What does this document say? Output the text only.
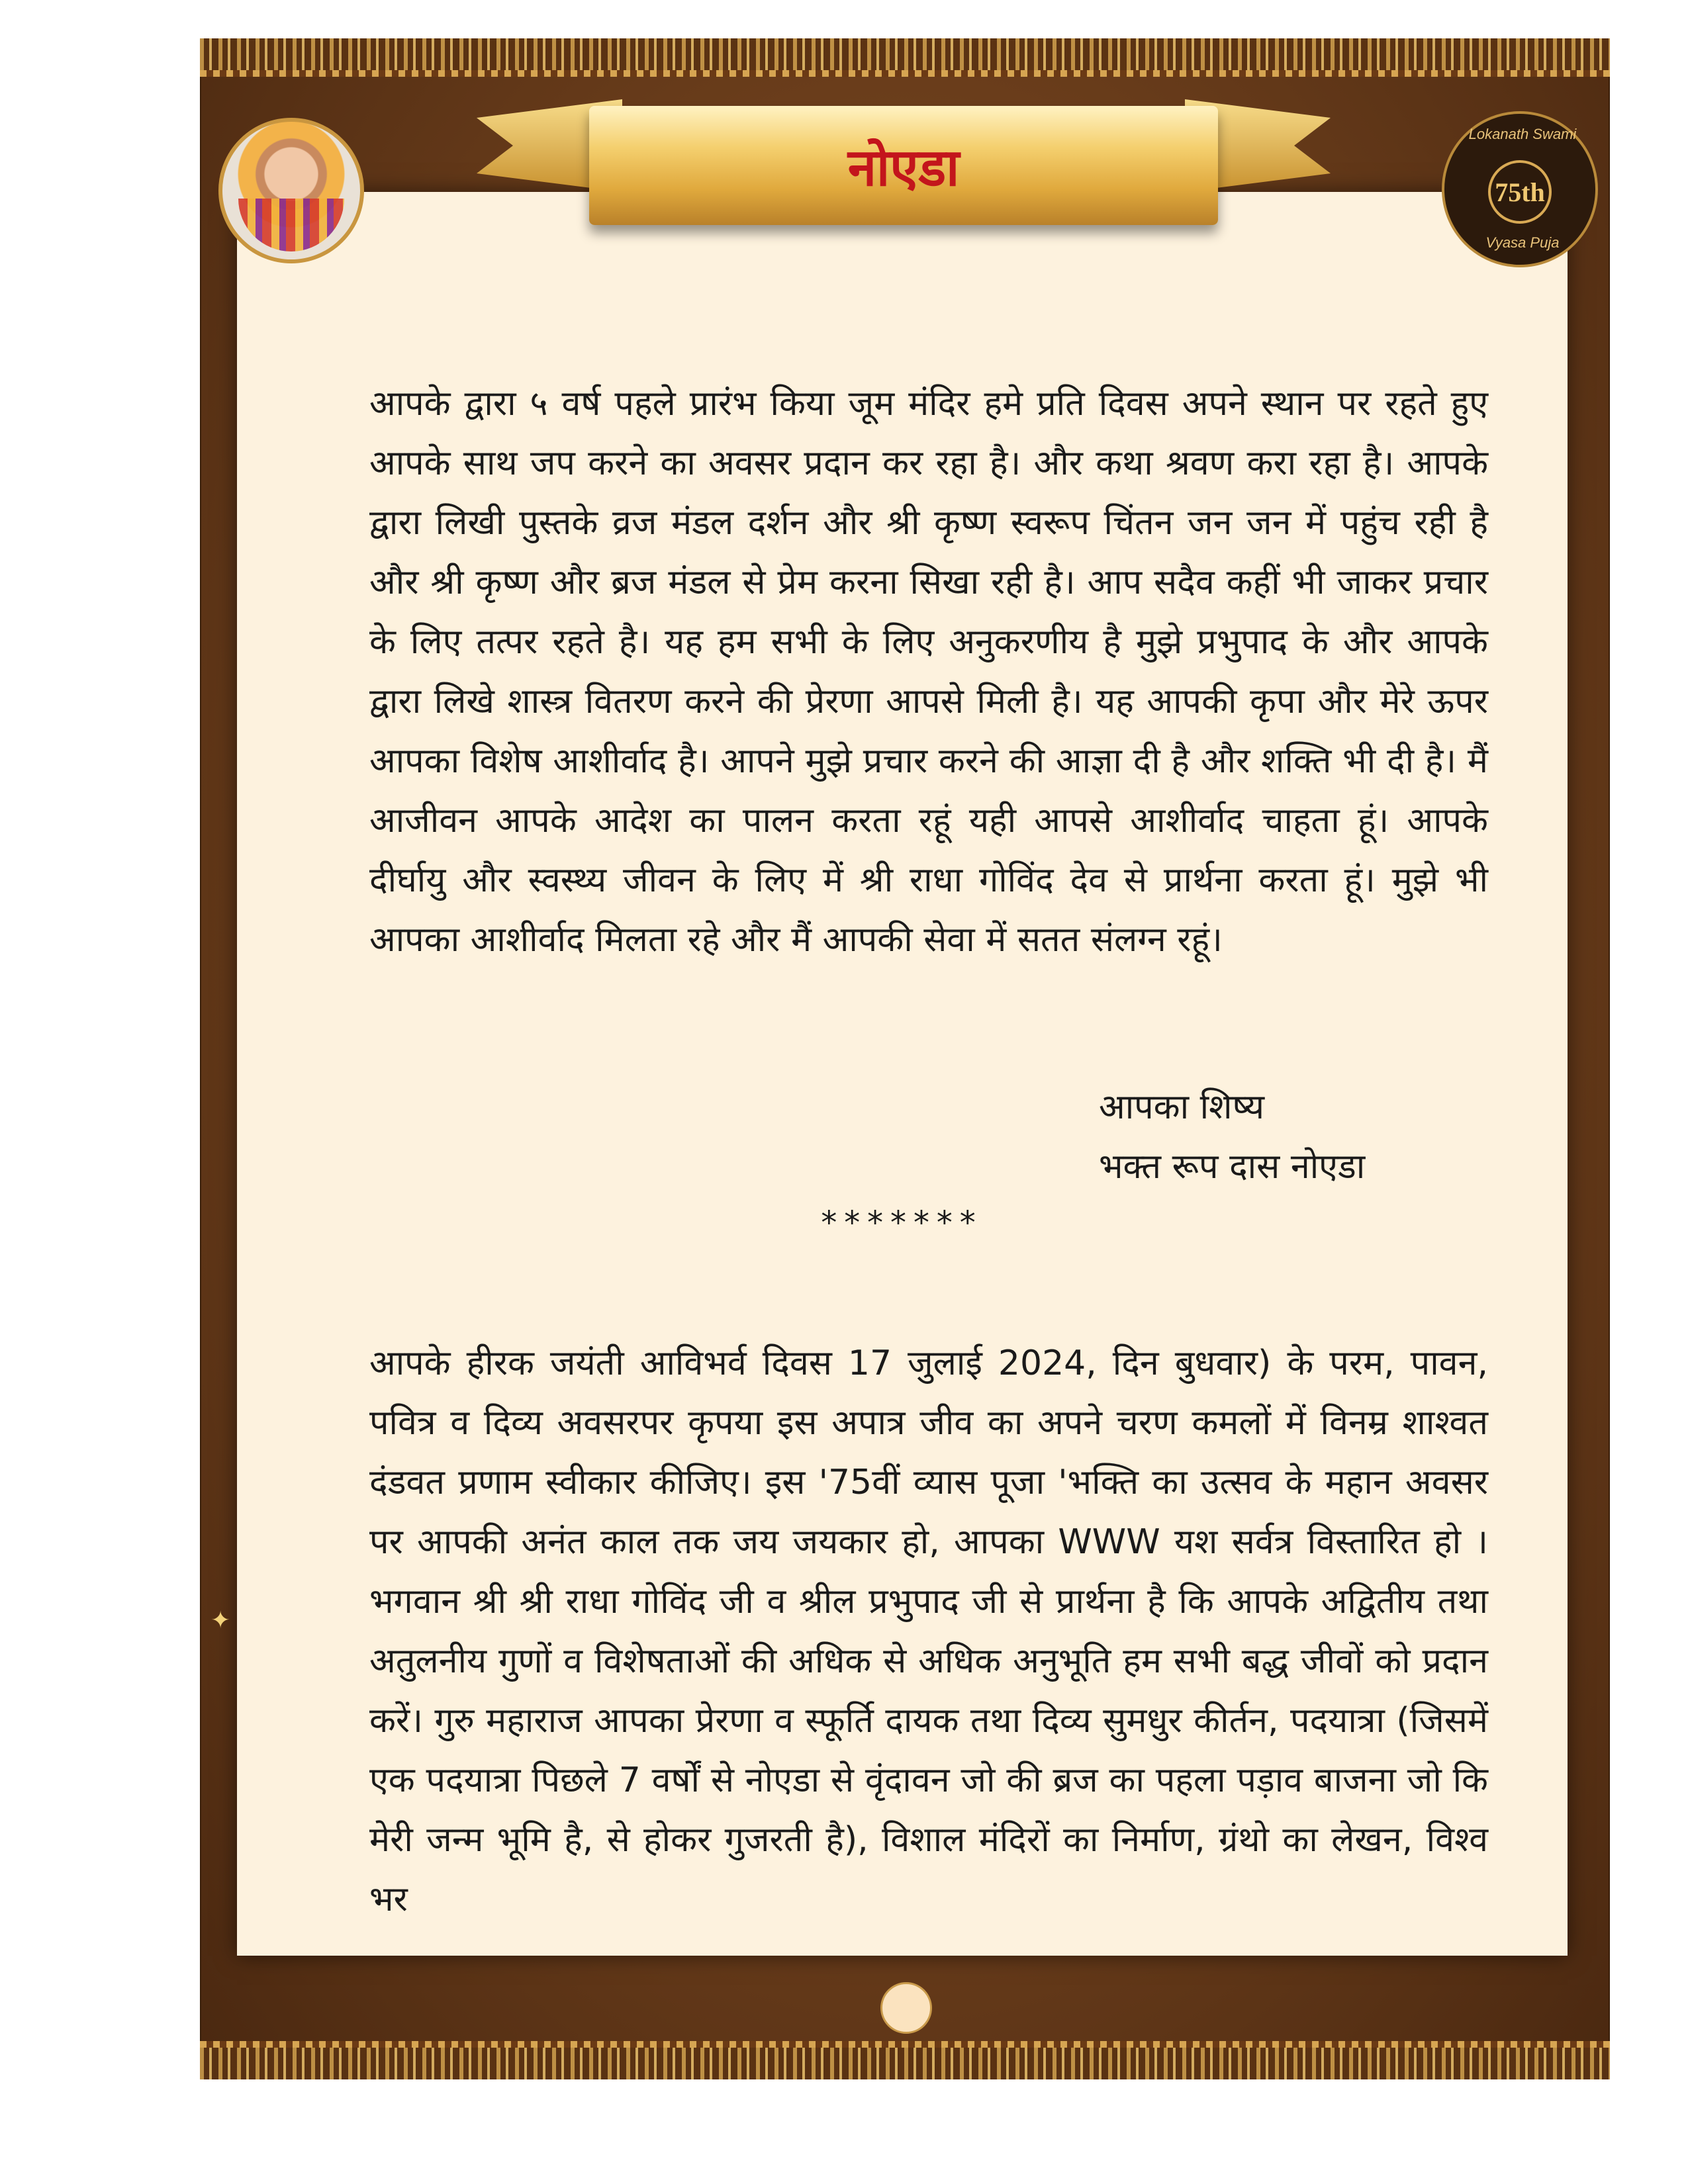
नोएडा
Lokanath Swami
75th
Vyasa Puja
आपके द्वारा ५ वर्ष पहले प्रारंभ किया जूम मंदिर हमे प्रति दिवस अपने स्थान पर रहते हुए आपके साथ जप करने का अवसर प्रदान कर रहा है। और कथा श्रवण करा रहा है। आपके द्वारा लिखी पुस्तके व्रज मंडल दर्शन और श्री कृष्ण स्वरूप चिंतन जन जन में पहुंच रही है और श्री कृष्ण और ब्रज मंडल से प्रेम करना सिखा रही है। आप सदैव कहीं भी जाकर प्रचार के लिए तत्पर रहते है। यह हम सभी के लिए अनुकरणीय है मुझे प्रभुपाद के और आपके द्वारा लिखे शास्त्र वितरण करने की प्रेरणा आपसे मिली है। यह आपकी कृपा और मेरे ऊपर आपका विशेष आशीर्वाद है। आपने मुझे प्रचार करने की आज्ञा दी है और शक्ति भी दी है। मैं आजीवन आपके आदेश का पालन करता रहूं यही आपसे आशीर्वाद चाहता हूं। आपके दीर्घायु और स्वस्थ्य जीवन के लिए में श्री राधा गोविंद देव से प्रार्थना करता हूं। मुझे भी आपका आशीर्वाद मिलता रहे और मैं आपकी सेवा में सतत संलग्न रहूं।
आपका शिष्य
भक्त रूप दास नोएडा
*******
आपके हीरक जयंती आविभर्व दिवस 17 जुलाई 2024, दिन बुधवार) के परम, पावन, पवित्र व दिव्य अवसरपर कृपया इस अपात्र जीव का अपने चरण कमलों में विनम्र शाश्वत दंडवत प्रणाम स्वीकार कीजिए। इस '75वीं व्यास पूजा 'भक्ति का उत्सव के महान अवसर पर आपकी अनंत काल तक जय जयकार हो, आपका WWW यश सर्वत्र विस्तारित हो । भगवान श्री श्री राधा गोविंद जी व श्रील प्रभुपाद जी से प्रार्थना है कि आपके अद्वितीय तथा अतुलनीय गुणों व विशेषताओं की अधिक से अधिक अनुभूति हम सभी बद्ध जीवों को प्रदान करें। गुरु महाराज आपका प्रेरणा व स्फूर्ति दायक तथा दिव्य सुमधुर कीर्तन, पदयात्रा (जिसमें एक पदयात्रा पिछले 7 वर्षों से नोएडा से वृंदावन जो की ब्रज का पहला पड़ाव बाजना जो कि मेरी जन्म भूमि है, से होकर गुजरती है), विशाल मंदिरों का निर्माण, ग्रंथो का लेखन, विश्व भर
✦
